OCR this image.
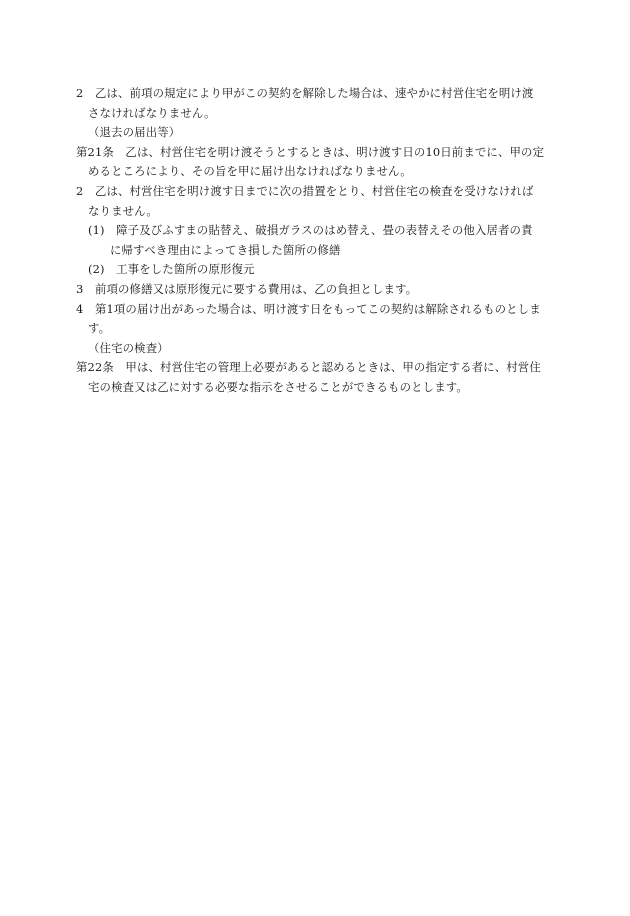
2　乙は、前項の規定により甲がこの契約を解除した場合は、速やかに村営住宅を明け渡
さなければなりません。
（退去の届出等）
第21条　乙は、村営住宅を明け渡そうとするときは、明け渡す日の10日前までに、甲の定
めるところにより、その旨を甲に届け出なければなりません。
2　乙は、村営住宅を明け渡す日までに次の措置をとり、村営住宅の検査を受けなければ
なりません。
(1)　障子及びふすまの貼替え、破損ガラスのはめ替え、畳の表替えその他入居者の責
に帰すべき理由によってき損した箇所の修繕
(2)　工事をした箇所の原形復元
3　前項の修繕又は原形復元に要する費用は、乙の負担とします。
4　第1項の届け出があった場合は、明け渡す日をもってこの契約は解除されるものとしま
す。
（住宅の検査）
第22条　甲は、村営住宅の管理上必要があると認めるときは、甲の指定する者に、村営住
宅の検査又は乙に対する必要な指示をさせることができるものとします。
